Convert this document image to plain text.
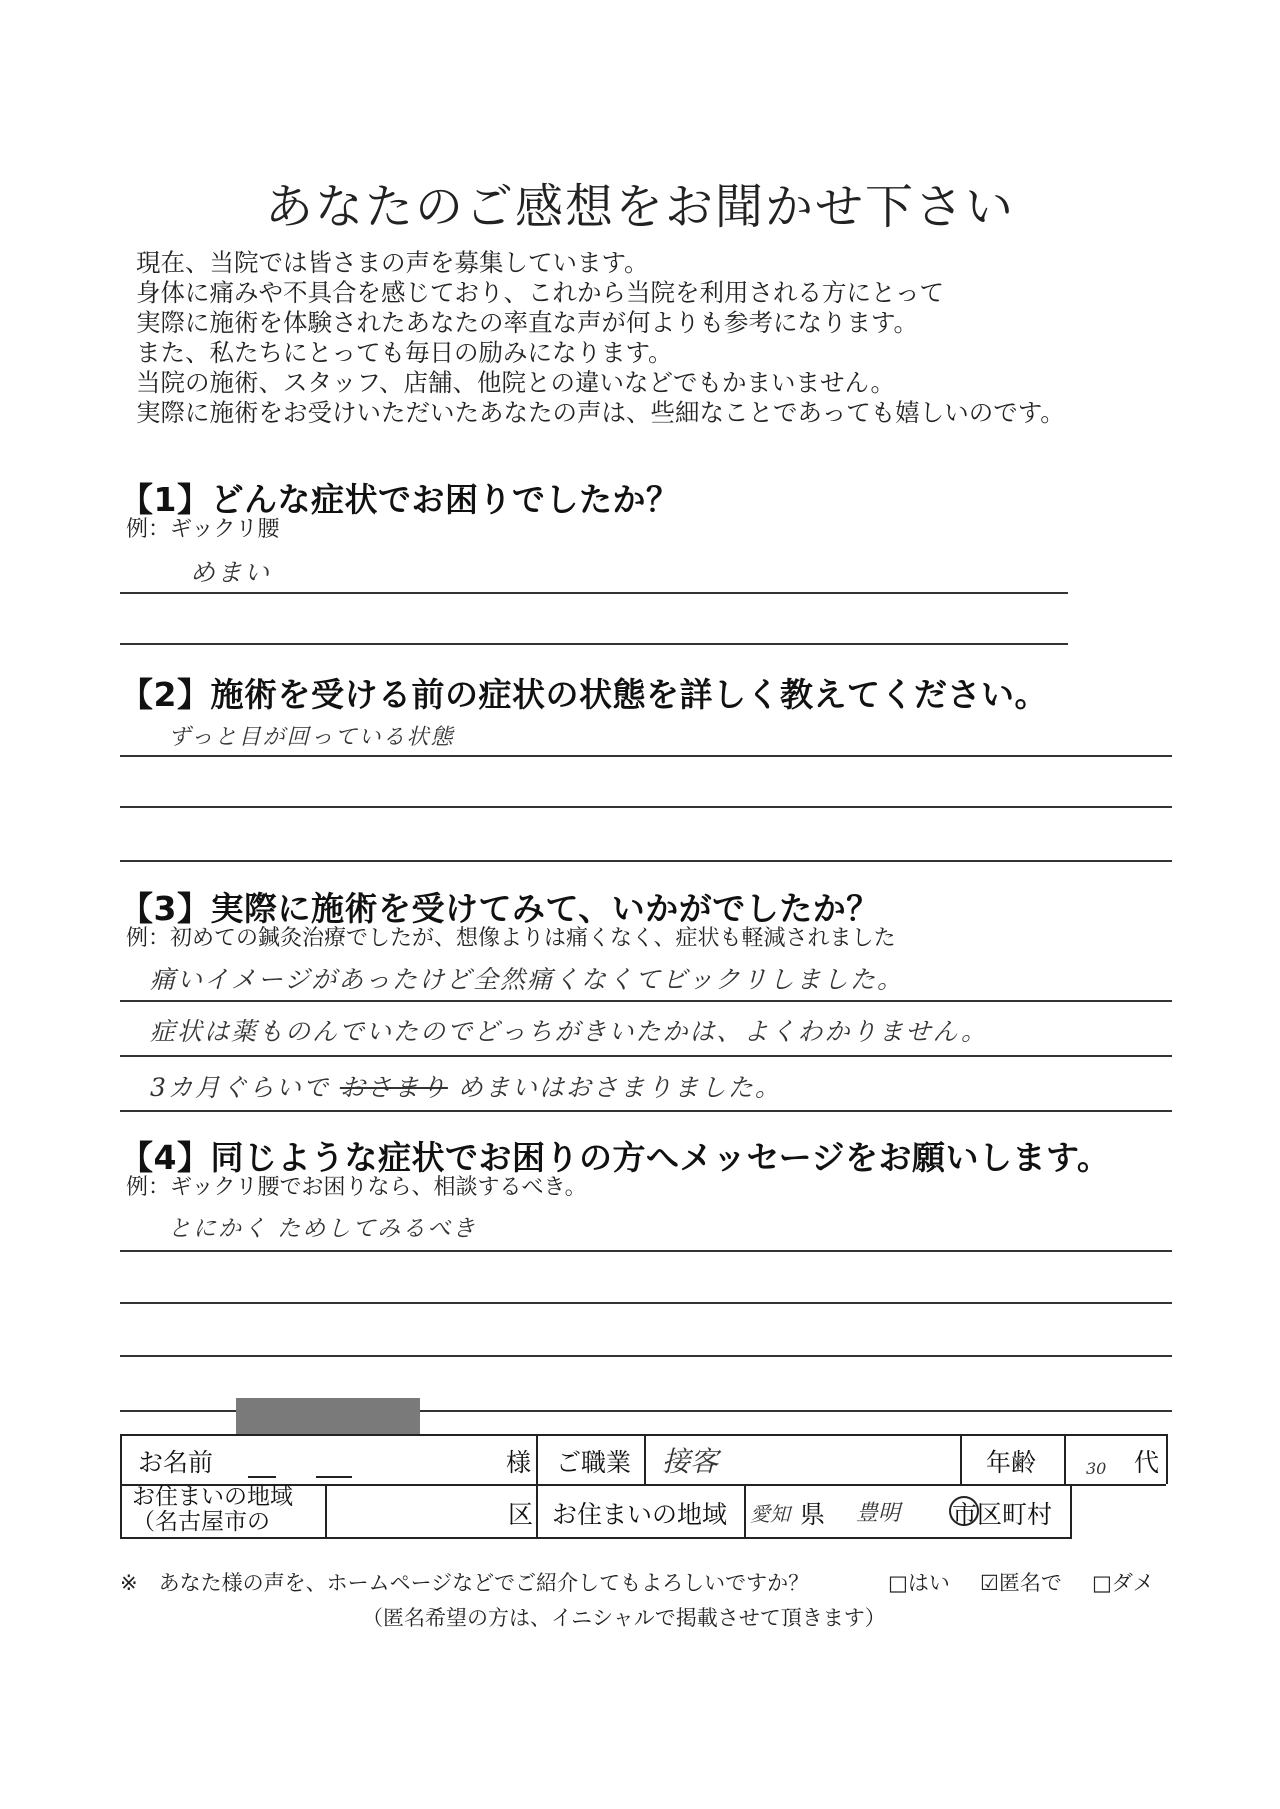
あなたのご感想をお聞かせ下さい
現在、当院では皆さまの声を募集しています。
身体に痛みや不具合を感じており、これから当院を利用される方にとって
実際に施術を体験されたあなたの率直な声が何よりも参考になります。
また、私たちにとっても毎日の励みになります。
当院の施術、スタッフ、店舗、他院との違いなどでもかまいません。
実際に施術をお受けいただいたあなたの声は、些細なことであっても嬉しいのです。
【1】どんな症状でお困りでしたか？
例：ギックリ腰
めまい
【2】施術を受ける前の症状の状態を詳しく教えてください。
ずっと目が回っている状態
【3】実際に施術を受けてみて、いかがでしたか？
例：初めての鍼灸治療でしたが、想像よりは痛くなく、症状も軽減されました
痛いイメージがあったけど全然痛くなくてビックリしました。
症状は薬ものんでいたのでどっちがきいたかは、よくわかりません。
3カ月ぐらいで おさまり めまいはおさまりました。
【4】同じような症状でお困りの方へメッセージをお願いします。
例：ギックリ腰でお困りなら、相談するべき。
とにかく ためしてみるべき
お名前	様 ご職業 接客	年齢	30 代
お住まいの地域
（名古屋市の	区 お住まいの地域 愛知 県 豊明 市区町村
※　あなた様の声を、ホームページなどでご紹介してもよろしいですか？	□はい ☑匿名で □ダメ
（匿名希望の方は、イニシャルで掲載させて頂きます）
